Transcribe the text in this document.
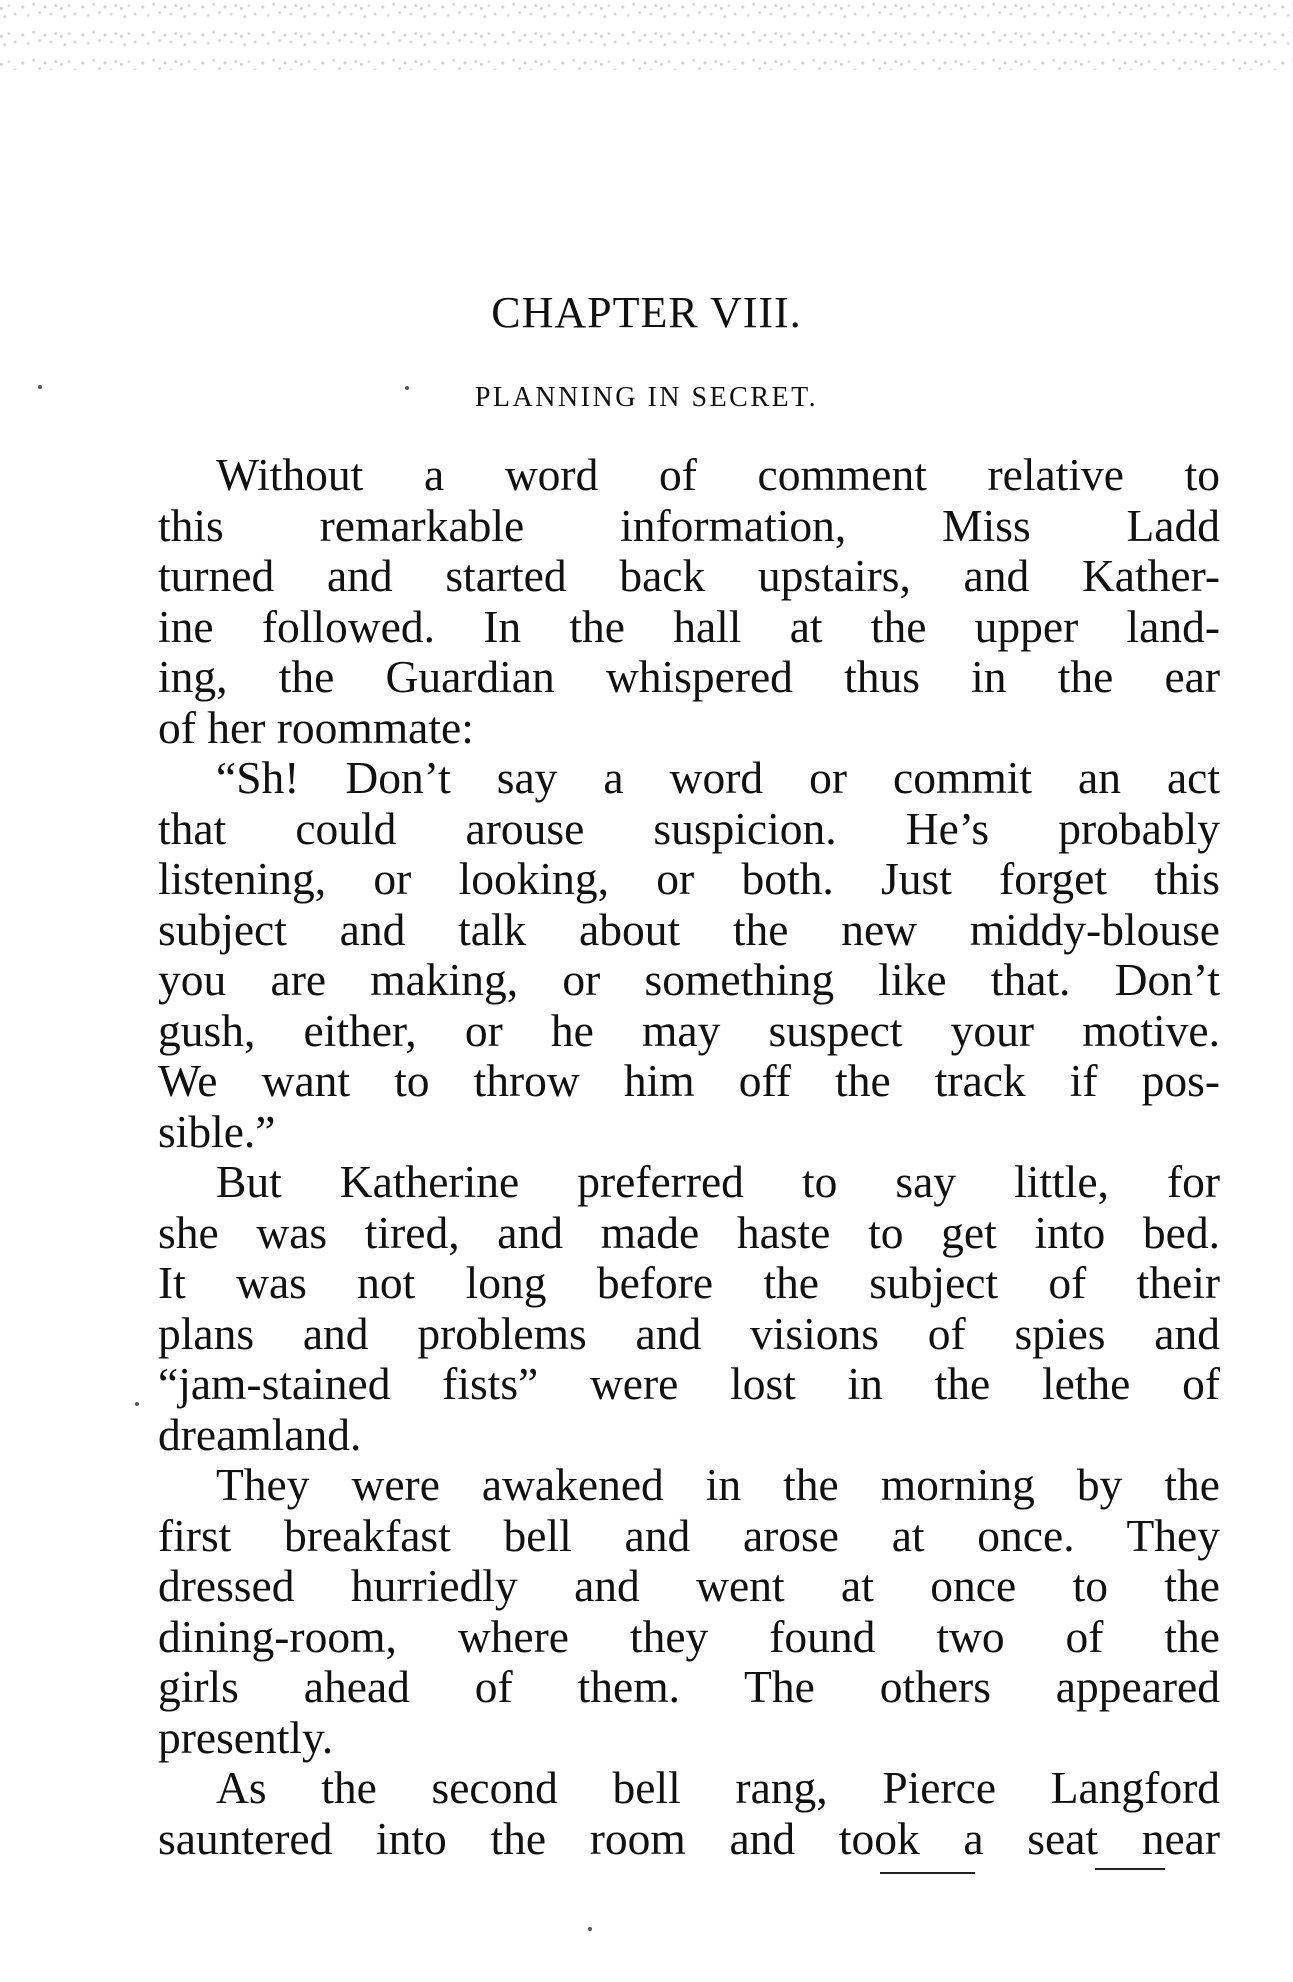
CHAPTER VIII.
PLANNING IN SECRET.
Without a word of comment relative to
this remarkable information, Miss Ladd
turned and started back upstairs, and Kather-
ine followed. In the hall at the upper land-
ing, the Guardian whispered thus in the ear
of her roommate:
“Sh! Don’t say a word or commit an act
that could arouse suspicion. He’s probably
listening, or looking, or both. Just forget this
subject and talk about the new middy-blouse
you are making, or something like that. Don’t
gush, either, or he may suspect your motive.
We want to throw him off the track if pos-
sible.”
But Katherine preferred to say little, for
she was tired, and made haste to get into bed.
It was not long before the subject of their
plans and problems and visions of spies and
“jam-stained fists” were lost in the lethe of
dreamland.
They were awakened in the morning by the
first breakfast bell and arose at once. They
dressed hurriedly and went at once to the
dining-room, where they found two of the
girls ahead of them. The others appeared
presently.
As the second bell rang, Pierce Langford
sauntered into the room and took a seat near
